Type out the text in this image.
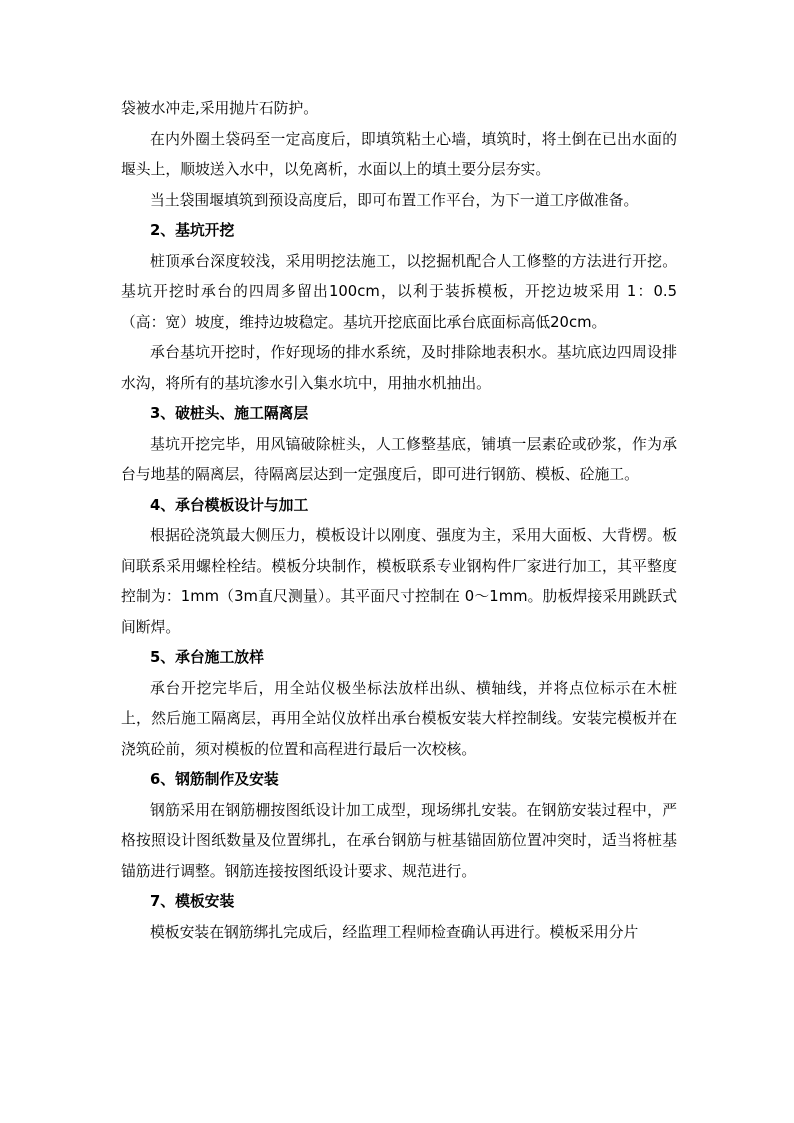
袋被水冲走,采用抛片石防护。

在内外圈土袋码至一定高度后，即填筑粘土心墙，填筑时，将土倒在已出水面的堰头上，顺坡送入水中，以免离析，水面以上的填土要分层夯实。

当土袋围堰填筑到预设高度后，即可布置工作平台，为下一道工序做准备。

2、基坑开挖

桩顶承台深度较浅，采用明挖法施工，以挖掘机配合人工修整的方法进行开挖。基坑开挖时承台的四周多留出100cm，以利于装拆模板，开挖边坡采用 1：0.5（高：宽）坡度，维持边坡稳定。基坑开挖底面比承台底面标高低20cm。

承台基坑开挖时，作好现场的排水系统，及时排除地表积水。基坑底边四周设排水沟，将所有的基坑渗水引入集水坑中，用抽水机抽出。

3、破桩头、施工隔离层

基坑开挖完毕，用风镐破除桩头，人工修整基底，铺填一层素砼或砂浆，作为承台与地基的隔离层，待隔离层达到一定强度后，即可进行钢筋、模板、砼施工。

4、承台模板设计与加工

根据砼浇筑最大侧压力，模板设计以刚度、强度为主，采用大面板、大背楞。板间联系采用螺栓栓结。模板分块制作，模板联系专业钢构件厂家进行加工，其平整度控制为：1mm（3m直尺测量）。其平面尺寸控制在 0～1mm。肋板焊接采用跳跃式间断焊。

5、承台施工放样

承台开挖完毕后，用全站仪极坐标法放样出纵、横轴线，并将点位标示在木桩上，然后施工隔离层，再用全站仪放样出承台模板安装大样控制线。安装完模板并在浇筑砼前，须对模板的位置和高程进行最后一次校核。

6、钢筋制作及安装

钢筋采用在钢筋棚按图纸设计加工成型，现场绑扎安装。在钢筋安装过程中，严格按照设计图纸数量及位置绑扎，在承台钢筋与桩基锚固筋位置冲突时，适当将桩基锚筋进行调整。钢筋连接按图纸设计要求、规范进行。

7、模板安装

模板安装在钢筋绑扎完成后，经监理工程师检查确认再进行。模板采用分片
